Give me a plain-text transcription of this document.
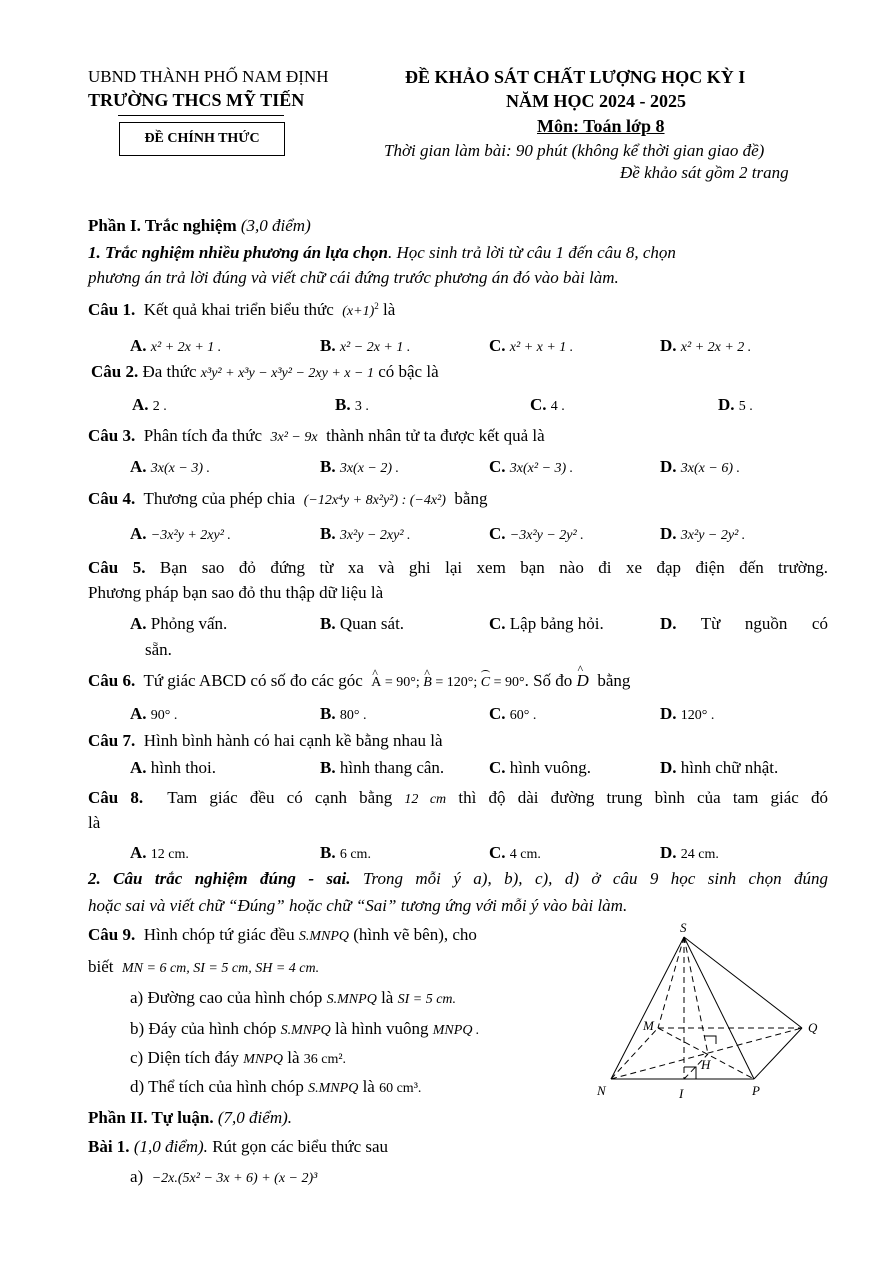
UBND THÀNH PHỐ NAM ĐỊNH
TRƯỜNG THCS MỸ TIẾN
ĐỀ CHÍNH THỨC
ĐỀ KHẢO SÁT CHẤT LƯỢNG HỌC KỲ I
NĂM HỌC 2024 - 2025
Môn: Toán lớp 8
Thời gian làm bài: 90 phút (không kể thời gian giao đề)
Đề khảo sát gồm 2 trang
Phần I. Trắc nghiệm (3,0 điểm)
1. Trắc nghiệm nhiều phương án lựa chọn. Học sinh trả lời từ câu 1 đến câu 8, chọn
phương án trả lời đúng và viết chữ cái đứng trước phương án đó vào bài làm.
Câu 1. Kết quả khai triển biểu thức $(x+1)^2$ là
A. x² + 2x + 1 .	B. x² − 2x + 1 .	C. x² + x + 1 .	D. x² + 2x + 2 .
Câu 2. Đa thức x³y² + x³y − x³y² − 2xy + x − 1 có bậc là
A. 2 .	B. 3 .	C. 4 .	D. 5 .
Câu 3. Phân tích đa thức 3x² − 9x thành nhân tử ta được kết quả là
A. 3x(x − 3) .	B. 3x(x − 2) .	C. 3x(x² − 3) .	D. 3x(x − 6) .
Câu 4. Thương của phép chia (−12x⁴y + 8x²y²) : (−4x²) bằng
A. −3x²y + 2xy² .	B. 3x²y − 2xy² .	C. −3x²y − 2y² .	D. 3x²y − 2y² .
Câu 5. Bạn sao đỏ đứng từ xa và ghi lại xem bạn nào đi xe đạp điện đến trường.
Phương pháp bạn sao đỏ thu thập dữ liệu là
A. Phỏng vấn.	B. Quan sát.	C. Lập bảng hỏi.	D. Từ nguồn có
sẵn.
Câu 6. Tứ giác ABCD có số đo các góc ^ A = 90°; ^ B = 120°; C = 90°. Số đo ^ D bằng
A. 90° .	B. 80° .	C. 60° .	D. 120° .
Câu 7. Hình bình hành có hai cạnh kề bằng nhau là
A. hình thoi.	B. hình thang cân.	C. hình vuông.	D. hình chữ nhật.
Câu 8. Tam giác đều có cạnh bằng 12 cm thì độ dài đường trung bình của tam giác đó
là
A. 12 cm.	B. 6 cm.	C. 4 cm.	D. 24 cm.
2. Câu trắc nghiệm đúng - sai. Trong mỗi ý a), b), c), d) ở câu 9 học sinh chọn đúng
hoặc sai và viết chữ “Đúng” hoặc chữ “Sai” tương ứng với mỗi ý vào bài làm.
Câu 9. Hình chóp tứ giác đều S.MNPQ (hình vẽ bên), cho
biết MN = 6 cm, SI = 5 cm, SH = 4 cm.
a) Đường cao của hình chóp S.MNPQ là SI = 5 cm.
b) Đáy của hình chóp S.MNPQ là hình vuông MNPQ .
c) Diện tích đáy MNPQ là 36 cm².
d) Thể tích của hình chóp S.MNPQ là 60 cm³.
S
M	Q
N	I	P
H
Phần II. Tự luận. (7,0 điểm).
Bài 1. (1,0 điểm). Rút gọn các biểu thức sau
a) −2x.(5x² − 3x + 6) + (x − 2)³
